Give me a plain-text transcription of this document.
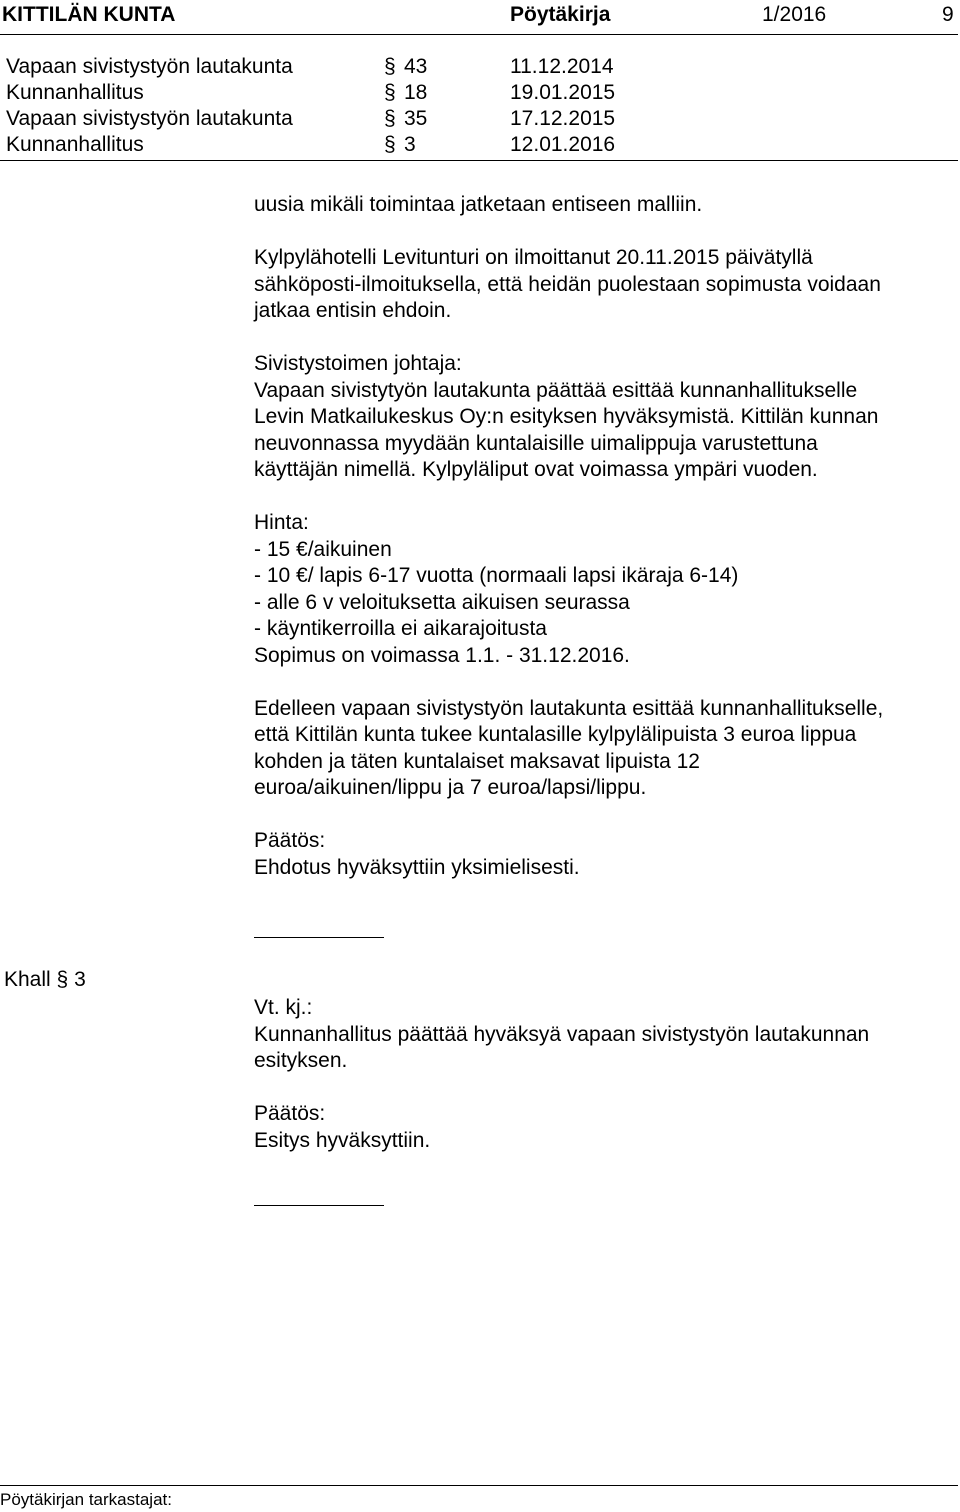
KITTILÄN KUNTA	Pöytäkirja	1/2016	9
Vapaan sivistystyön lautakunta	§ 43	11.12.2014
Kunnanhallitus	§ 18	19.01.2015
Vapaan sivistystyön lautakunta	§ 35	17.12.2015
Kunnanhallitus	§ 3	12.01.2016

uusia mikäli toimintaa jatketaan entiseen malliin.

Kylpylähotelli Levitunturi on ilmoittanut 20.11.2015 päivätyllä
sähköposti-ilmoituksella, että heidän puolestaan sopimusta voidaan
jatkaa entisin ehdoin.

Sivistystoimen johtaja:
Vapaan sivistytyön lautakunta päättää esittää kunnanhallitukselle
Levin Matkailukeskus Oy:n esityksen hyväksymistä. Kittilän kunnan
neuvonnassa myydään kuntalaisille uimalippuja varustettuna
käyttäjän nimellä. Kylpyläliput ovat voimassa ympäri vuoden.

Hinta:
- 15 €/aikuinen
- 10 €/ lapis 6-17 vuotta (normaali lapsi ikäraja 6-14)
- alle 6 v veloituksetta aikuisen seurassa
- käyntikerroilla ei aikarajoitusta
Sopimus on voimassa 1.1. - 31.12.2016.

Edelleen vapaan sivistystyön lautakunta esittää kunnanhallitukselle,
että Kittilän kunta tukee kuntalasille kylpylälipuista 3 euroa lippua
kohden ja täten kuntalaiset maksavat lipuista 12
euroa/aikuinen/lippu ja 7 euroa/lapsi/lippu.

Päätös:
Ehdotus hyväksyttiin yksimielisesti.

Khall § 3

Vt. kj.:
Kunnanhallitus päättää hyväksyä vapaan sivistystyön lautakunnan
esityksen.

Päätös:
Esitys hyväksyttiin.

Pöytäkirjan tarkastajat:
